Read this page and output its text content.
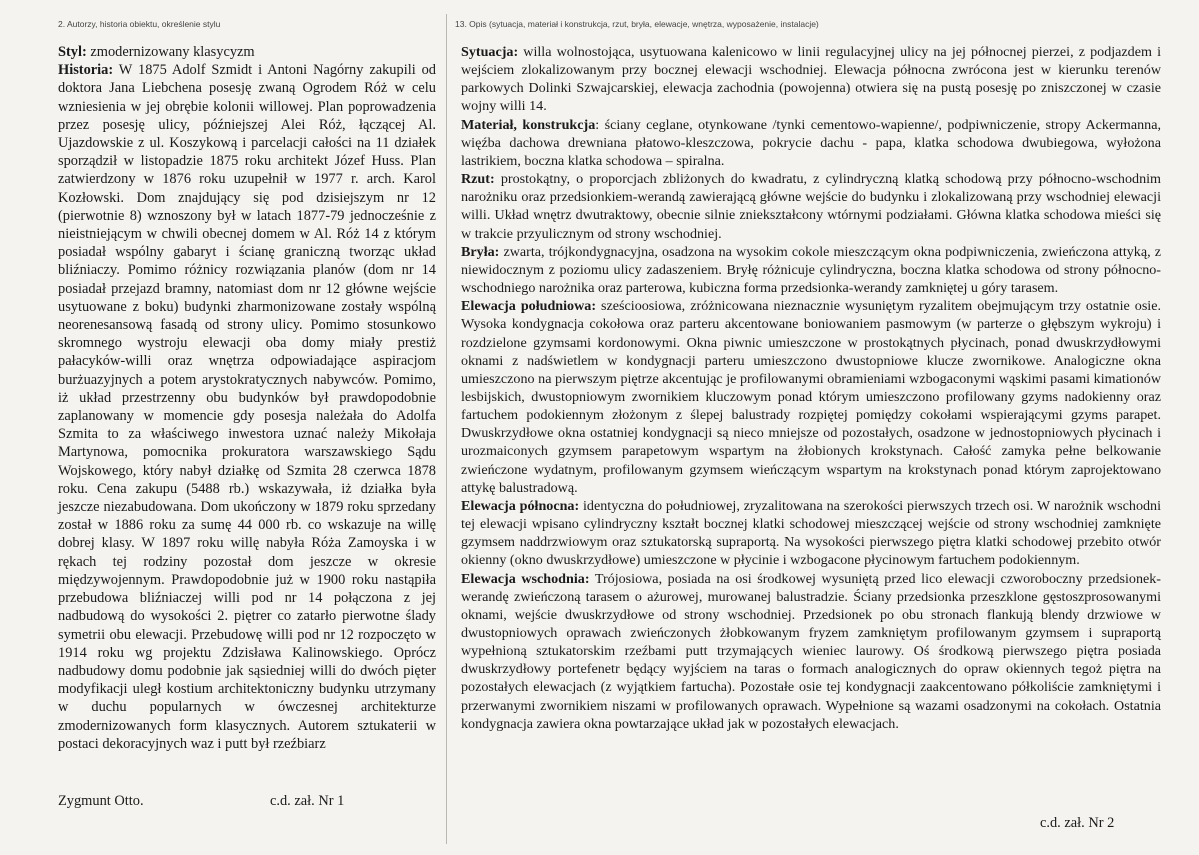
2. Autorzy, historia obiektu, określenie stylu	13. Opis (sytuacja, materiał i konstrukcja, rzut, bryła, elewacje, wnętrza, wyposażenie, instalacje)

Styl: zmodernizowany klasycyzm

Historia: W 1875 Adolf Szmidt i Antoni Nagórny zakupili od doktora Jana Liebchena posesję zwaną Ogrodem Róż w celu wzniesienia w jej obrębie kolonii willowej. Plan poprowadzenia przez posesję ulicy, późniejszej Alei Róż, łączącej Al. Ujazdowskie z ul. Koszykową i parcelacji całości na 11 działek sporządził w listopadzie 1875 roku architekt Józef Huss. Plan zatwierdzony w 1876 roku uzupełnił w 1977 r. arch. Karol Kozłowski. Dom znajdujący się pod dzisiejszym nr 12 (pierwotnie 8) wznoszony był w latach 1877-79 jednocześnie z nieistniejącym w chwili obecnej domem w Al. Róż 14 z którym posiadał wspólny gabaryt i ścianę graniczną tworząc układ bliźniaczy. Pomimo różnicy rozwiązania planów (dom nr 14 posiadał przejazd bramny, natomiast dom nr 12 główne wejście usytuowane z boku) budynki zharmonizowane zostały wspólną neorenesansową fasadą od strony ulicy. Pomimo stosunkowo skromnego wystroju elewacji oba domy miały prestiż pałacyków-willi oraz wnętrza odpowiadające aspiracjom burżuazyjnych a potem arystokratycznych nabywców. Pomimo, iż układ przestrzenny obu budynków był prawdopodobnie zaplanowany w momencie gdy posesja należała do Adolfa Szmita to za właściwego inwestora uznać należy Mikołaja Martynowa, pomocnika prokuratora warszawskiego Sądu Wojskowego, który nabył działkę od Szmita 28 czerwca 1878 roku. Cena zakupu (5488 rb.) wskazywała, iż działka była jeszcze niezabudowana. Dom ukończony w 1879 roku sprzedany został w 1886 roku za sumę 44 000 rb. co wskazuje na willę dobrej klasy. W 1897 roku willę nabyła Róża Zamoyska i w rękach tej rodziny pozostał dom jeszcze w okresie międzywojennym. Prawdopodobnie już w 1900 roku nastąpiła przebudowa bliźniaczej willi pod nr 14 połączona z jej nadbudową do wysokości 2. piętrer co zatarło pierwotne ślady symetrii obu elewacji. Przebudowę willi pod nr 12 rozpoczęto w 1914 roku wg projektu Zdzisława Kalinowskiego. Oprócz nadbudowy domu podobnie jak sąsiedniej willi do dwóch pięter modyfikacji uległ kostium architektoniczny budynku utrzymany w duchu popularnych w ówczesnej architekturze zmodernizowanych form klasycznych. Autorem sztukaterii w postaci dekoracyjnych waz i putt był rzeźbiarz

Zygmunt Otto.	c.d. zał. Nr 1

Sytuacja: willa wolnostojąca, usytuowana kalenicowo w linii regulacyjnej ulicy na jej północnej pierzei, z podjazdem i wejściem zlokalizowanym przy bocznej elewacji wschodniej. Elewacja północna zwrócona jest w kierunku terenów parkowych Dolinki Szwajcarskiej, elewacja zachodnia (powojenna) otwiera się na pustą posesję po zniszczonej w czasie wojny willi 14.

Materiał, konstrukcja: ściany ceglane, otynkowane /tynki cementowo-wapienne/, podpiwniczenie, stropy Ackermanna, więźba dachowa drewniana płatowo-kleszczowa, pokrycie dachu - papa, klatka schodowa dwubiegowa, wyłożona lastrikiem, boczna klatka schodowa – spiralna.

Rzut: prostokątny, o proporcjach zbliżonych do kwadratu, z cylindryczną klatką schodową przy północno-wschodnim narożniku oraz przedsionkiem-werandą zawierającą główne wejście do budynku i zlokalizowaną przy wschodniej elewacji willi. Układ wnętrz dwutraktowy, obecnie silnie zniekształcony wtórnymi podziałami. Główna klatka schodowa mieści się w trakcie przyulicznym od strony wschodniej.

Bryła: zwarta, trójkondygnacyjna, osadzona na wysokim cokole mieszczącym okna podpiwniczenia, zwieńczona attyką, z niewidocznym z poziomu ulicy zadaszeniem. Bryłę różnicuje cylindryczna, boczna klatka schodowa od strony północno-wschodniego narożnika oraz parterowa, kubiczna forma przedsionka-werandy zamkniętej u góry tarasem.

Elewacja południowa: sześcioosiowa, zróżnicowana nieznacznie wysuniętym ryzalitem obejmującym trzy ostatnie osie. Wysoka kondygnacja cokołowa oraz parteru akcentowane boniowaniem pasmowym (w parterze o głębszym wykroju) i rozdzielone gzymsami kordonowymi. Okna piwnic umieszczone w prostokątnych płycinach, ponad dwuskrzydłowymi oknami z nadświetlem w kondygnacji parteru umieszczono dwustopniowe klucze zwornikowe. Analogiczne okna umieszczono na pierwszym piętrze akcentując je profilowanymi obramieniami wzbogaconymi wąskimi pasami kimationów lesbijskich, dwustopniowym zwornikiem kluczowym ponad którym umieszczono profilowany gzyms nadokienny oraz fartuchem podokiennym złożonym z ślepej balustrady rozpiętej pomiędzy cokołami wspierającymi gzyms parapet. Dwuskrzydłowe okna ostatniej kondygnacji są nieco mniejsze od pozostałych, osadzone w jednostopniowych płycinach i urozmaiconych gzymsem parapetowym wspartym na żłobionych krokstynach. Całość zamyka pełne belkowanie zwieńczone wydatnym, profilowanym gzymsem wieńczącym wspartym na krokstynach ponad którym zaprojektowano attykę balustradową.

Elewacja północna: identyczna do południowej, zryzalitowana na szerokości pierwszych trzech osi. W narożnik wschodni tej elewacji wpisano cylindryczny kształt bocznej klatki schodowej mieszczącej wejście od strony wschodniej zamknięte gzymsem naddrzwiowym oraz sztukatorską supraportą. Na wysokości pierwszego piętra klatki schodowej przebito otwór okienny (okno dwuskrzydłowe) umieszczone w płycinie i wzbogacone płycinowym fartuchem podokiennym.

Elewacja wschodnia: Trójosiowa, posiada na osi środkowej wysuniętą przed lico elewacji czworoboczny przedsionek-werandę zwieńczoną tarasem o ażurowej, murowanej balustradzie. Ściany przedsionka przeszklone gęstoszprosowanymi oknami, wejście dwuskrzydłowe od strony wschodniej. Przedsionek po obu stronach flankują blendy drzwiowe w dwustopniowych oprawach zwieńczonych żłobkowanym fryzem zamkniętym profilowanym gzymsem i supraportą wypełnioną sztukatorskim rzeźbami putt trzymających wieniec laurowy. Oś środkową pierwszego piętra posiada dwuskrzydłowy portefenetr będący wyjściem na taras o formach analogicznych do opraw okiennych tegoż piętra na pozostałych elewacjach (z wyjątkiem fartucha). Pozostałe osie tej kondygnacji zaakcentowano półkoliście zamkniętymi i przerwanymi zwornikiem niszami w profilowanych oprawach. Wypełnione są wazami osadzonymi na cokołach. Ostatnia kondygnacja zawiera okna powtarzające układ jak w pozostałych elewacjach.

c.d. zał. Nr 2
